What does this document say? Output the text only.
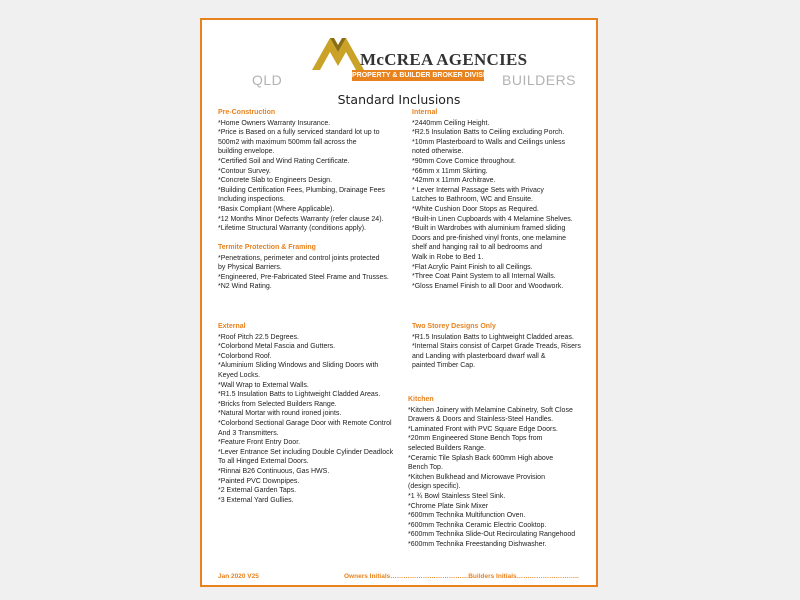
McCREA AGENCIES
PROPERTY & BUILDER BROKER DIVISION
QLD	BUILDERS
Standard Inclusions
Pre-Construction
*Home Owners Warranty Insurance.
*Price is Based on a fully serviced standard lot up to
500m2 with maximum 500mm fall across the
building envelope.
*Certified Soil and Wind Rating Certificate.
*Contour Survey.
*Concrete Slab to Engineers Design.
*Building Certification Fees, Plumbing, Drainage Fees
Including inspections.
*Basix Compliant (Where Applicable).
*12 Months Minor Defects Warranty (refer clause 24).
*Lifetime Structural Warranty (conditions apply).
Termite Protection & Framing
*Penetrations, perimeter and control joints protected
by Physical Barriers.
*Engineered, Pre-Fabricated Steel Frame and Trusses.
*N2 Wind Rating.
External
*Roof Pitch 22.5 Degrees.
*Colorbond Metal Fascia and Gutters.
*Colorbond Roof.
*Aluminium Sliding Windows and Sliding Doors with
Keyed Locks.
*Wall Wrap to External Walls.
*R1.5 Insulation Batts to Lightweight Cladded Areas.
*Bricks from Selected Builders Range.
*Natural Mortar with round ironed joints.
*Colorbond Sectional Garage Door with Remote Control
And 3 Transmitters.
*Feature Front Entry Door.
*Lever Entrance Set including Double Cylinder Deadlock
To all Hinged External Doors.
*Rinnai B26 Continuous, Gas HWS.
*Painted PVC Downpipes.
*2 External Garden Taps.
*3 External Yard Gullies.
Internal
*2440mm Ceiling Height.
*R2.5 Insulation Batts to Ceiling excluding Porch.
*10mm Plasterboard to Walls and Ceilings unless
noted otherwise.
*90mm Cove Cornice throughout.
*66mm x 11mm Skirting.
*42mm x 11mm Architrave.
* Lever Internal Passage Sets with Privacy
Latches to Bathroom, WC and Ensuite.
*White Cushion Door Stops as Required.
*Built-in Linen Cupboards with 4 Melamine Shelves.
*Built in Wardrobes with aluminium framed sliding
Doors and pre-finished vinyl fronts, one melamine
shelf and hanging rail to all bedrooms and
Walk in Robe to Bed 1.
*Flat Acrylic Paint Finish to all Ceilings.
*Three Coat Paint System to all Internal Walls.
*Gloss Enamel Finish to all Door and Woodwork.
Two Storey Designs Only
*R1.5 Insulation Batts to Lightweight Cladded areas.
*Internal Stairs consist of Carpet Grade Treads, Risers
and Landing with plasterboard dwarf wall &
painted Timber Cap.
Kitchen
*Kitchen Joinery with Melamine Cabinetry, Soft Close
Drawers & Doors and Stainless-Steel Handles.
*Laminated Front with PVC Square Edge Doors.
*20mm Engineered Stone Bench Tops from
selected Builders Range.
*Ceramic Tile Splash Back 600mm High above
Bench Top.
*Kitchen Bulkhead and Microwave Provision
(design specific).
*1 ¾ Bowl Stainless Steel Sink.
*Chrome Plate Sink Mixer
*600mm Technika Multifunction Oven.
*600mm Technika Ceramic Electric Cooktop.
*600mm Technika Slide-Out Recirculating Rangehood
*600mm Technika Freestanding Dishwasher.
Jan 2020 V25	Owners Initials………………………………Builders Initials………………………..
